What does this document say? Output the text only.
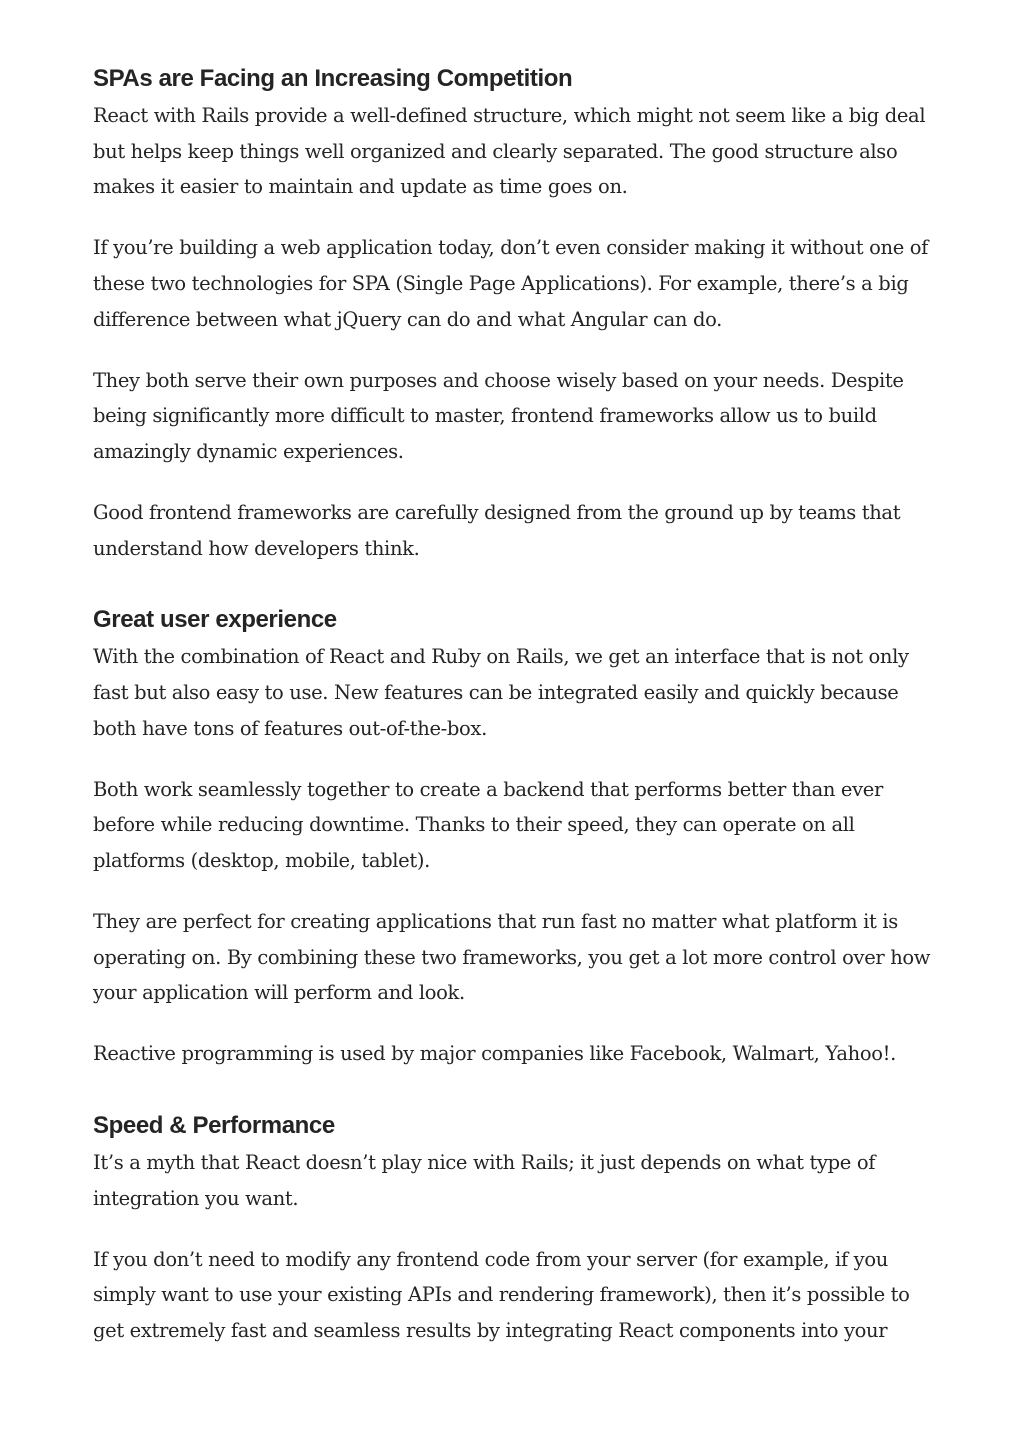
SPAs are Facing an Increasing Competition

React with Rails provide a well-defined structure, which might not seem like a big deal
but helps keep things well organized and clearly separated. The good structure also
makes it easier to maintain and update as time goes on.

If you’re building a web application today, don’t even consider making it without one of
these two technologies for SPA (Single Page Applications). For example, there’s a big
difference between what jQuery can do and what Angular can do.

They both serve their own purposes and choose wisely based on your needs. Despite
being significantly more difficult to master, frontend frameworks allow us to build
amazingly dynamic experiences.

Good frontend frameworks are carefully designed from the ground up by teams that
understand how developers think.

Great user experience

With the combination of React and Ruby on Rails, we get an interface that is not only
fast but also easy to use. New features can be integrated easily and quickly because
both have tons of features out-of-the-box.

Both work seamlessly together to create a backend that performs better than ever
before while reducing downtime. Thanks to their speed, they can operate on all
platforms (desktop, mobile, tablet).

They are perfect for creating applications that run fast no matter what platform it is
operating on. By combining these two frameworks, you get a lot more control over how
your application will perform and look.

Reactive programming is used by major companies like Facebook, Walmart, Yahoo!.

Speed & Performance

It’s a myth that React doesn’t play nice with Rails; it just depends on what type of
integration you want.

If you don’t need to modify any frontend code from your server (for example, if you
simply want to use your existing APIs and rendering framework), then it’s possible to
get extremely fast and seamless results by integrating React components into your
